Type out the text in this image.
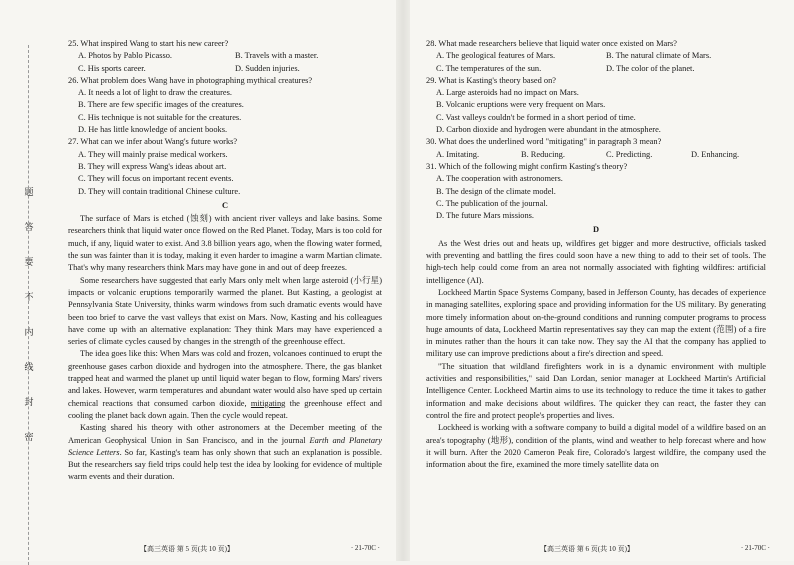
题
答
要
不
内
线
封
密

25. What inspired Wang to start his new career?

A. Photos by Pablo Picasso.	B. Travels with a master.
C. His sports career.	D. Sudden injuries.

26. What problem does Wang have in photographing mythical creatures?

A. It needs a lot of light to draw the creatures.

B. There are few specific images of the creatures.

C. His technique is not suitable for the creatures.

D. He has little knowledge of ancient books.

27. What can we infer about Wang's future works?

A. They will mainly praise medical workers.

B. They will express Wang's ideas about art.

C. They will focus on important recent events.

D. They will contain traditional Chinese culture.

C

The surface of Mars is etched (蚀刻) with ancient river valleys and lake basins. Some researchers think that liquid water once flowed on the Red Planet. Today, Mars is too cold for much, if any, liquid water to exist. And 3.8 billion years ago, when the flowing water formed, the sun was fainter than it is today, making it even harder to imagine a warm Martian climate. That's why many researchers think Mars may have gone in and out of deep freezes.

Some researchers have suggested that early Mars only melt when large asteroid (小行星) impacts or volcanic eruptions temporarily warmed the planet. But Kasting, a geologist at Pennsylvania State University, thinks warm windows from such dramatic events would have been too brief to carve the vast valleys that exist on Mars. Now, Kasting and his colleagues have come up with an alternative explanation: They think Mars may have experienced a series of climate cycles caused by changes in the strength of the greenhouse effect.

The idea goes like this: When Mars was cold and frozen, volcanoes continued to erupt the greenhouse gases carbon dioxide and hydrogen into the atmosphere. There, the gas blanket trapped heat and warmed the planet up until liquid water began to flow, forming Mars' rivers and lakes. However, warm temperatures and abundant water would also have sped up certain chemical reactions that consumed carbon dioxide, mitigating the greenhouse effect and cooling the planet back down again. Then the cycle would repeat.

Kasting shared his theory with other astronomers at the December meeting of the American Geophysical Union in San Francisco, and in the journal Earth and Planetary Science Letters. So far, Kasting's team has only shown that such an explanation is possible. But the researchers say field trips could help test the idea by looking for evidence of multiple warm events and their duration.

28. What made researchers believe that liquid water once existed on Mars?

A. The geological features of Mars.	B. The natural climate of Mars.
C. The temperatures of the sun.	D. The color of the planet.

29. What is Kasting's theory based on?

A. Large asteroids had no impact on Mars.

B. Volcanic eruptions were very frequent on Mars.

C. Vast valleys couldn't be formed in a short period of time.

D. Carbon dioxide and hydrogen were abundant in the atmosphere.

30. What does the underlined word "mitigating" in paragraph 3 mean?

A. Imitating.	B. Reducing.	C. Predicting.	D. Enhancing.

31. Which of the following might confirm Kasting's theory?

A. The cooperation with astronomers.

B. The design of the climate model.

C. The publication of the journal.

D. The future Mars missions.

D

As the West dries out and heats up, wildfires get bigger and more destructive, officials tasked with preventing and battling the fires could soon have a new thing to add to their set of tools. The high-tech help could come from an area not normally associated with fighting wildfires: artificial intelligence (AI).

Lockheed Martin Space Systems Company, based in Jefferson County, has decades of experience in managing satellites, exploring space and providing information for the US military. By generating more timely information about on-the-ground conditions and running computer programs to process huge amounts of data, Lockheed Martin representatives say they can map the extent (范围) of a fire in minutes rather than the hours it can take now. They say the AI that the company has applied to military use can improve predictions about a fire's direction and speed.

"The situation that wildland firefighters work in is a dynamic environment with multiple activities and responsibilities," said Dan Lordan, senior manager at Lockheed Martin's Artificial Intelligence Center. Lockheed Martin aims to use its technology to reduce the time it takes to gather information and make decisions about wildfires. The quicker they can react, the faster they can control the fire and protect people's properties and lives.

Lockheed is working with a software company to build a digital model of a wildfire based on an area's topography (地形), condition of the plants, wind and weather to help forecast where and how it will burn. After the 2020 Cameron Peak fire, Colorado's largest wildfire, the company used the information about the fire, examined the more timely satellite data on

【高三英语 第 5 页(共 10 页)】	· 21-70C ·	【高三英语 第 6 页(共 10 页)】	· 21-70C ·
